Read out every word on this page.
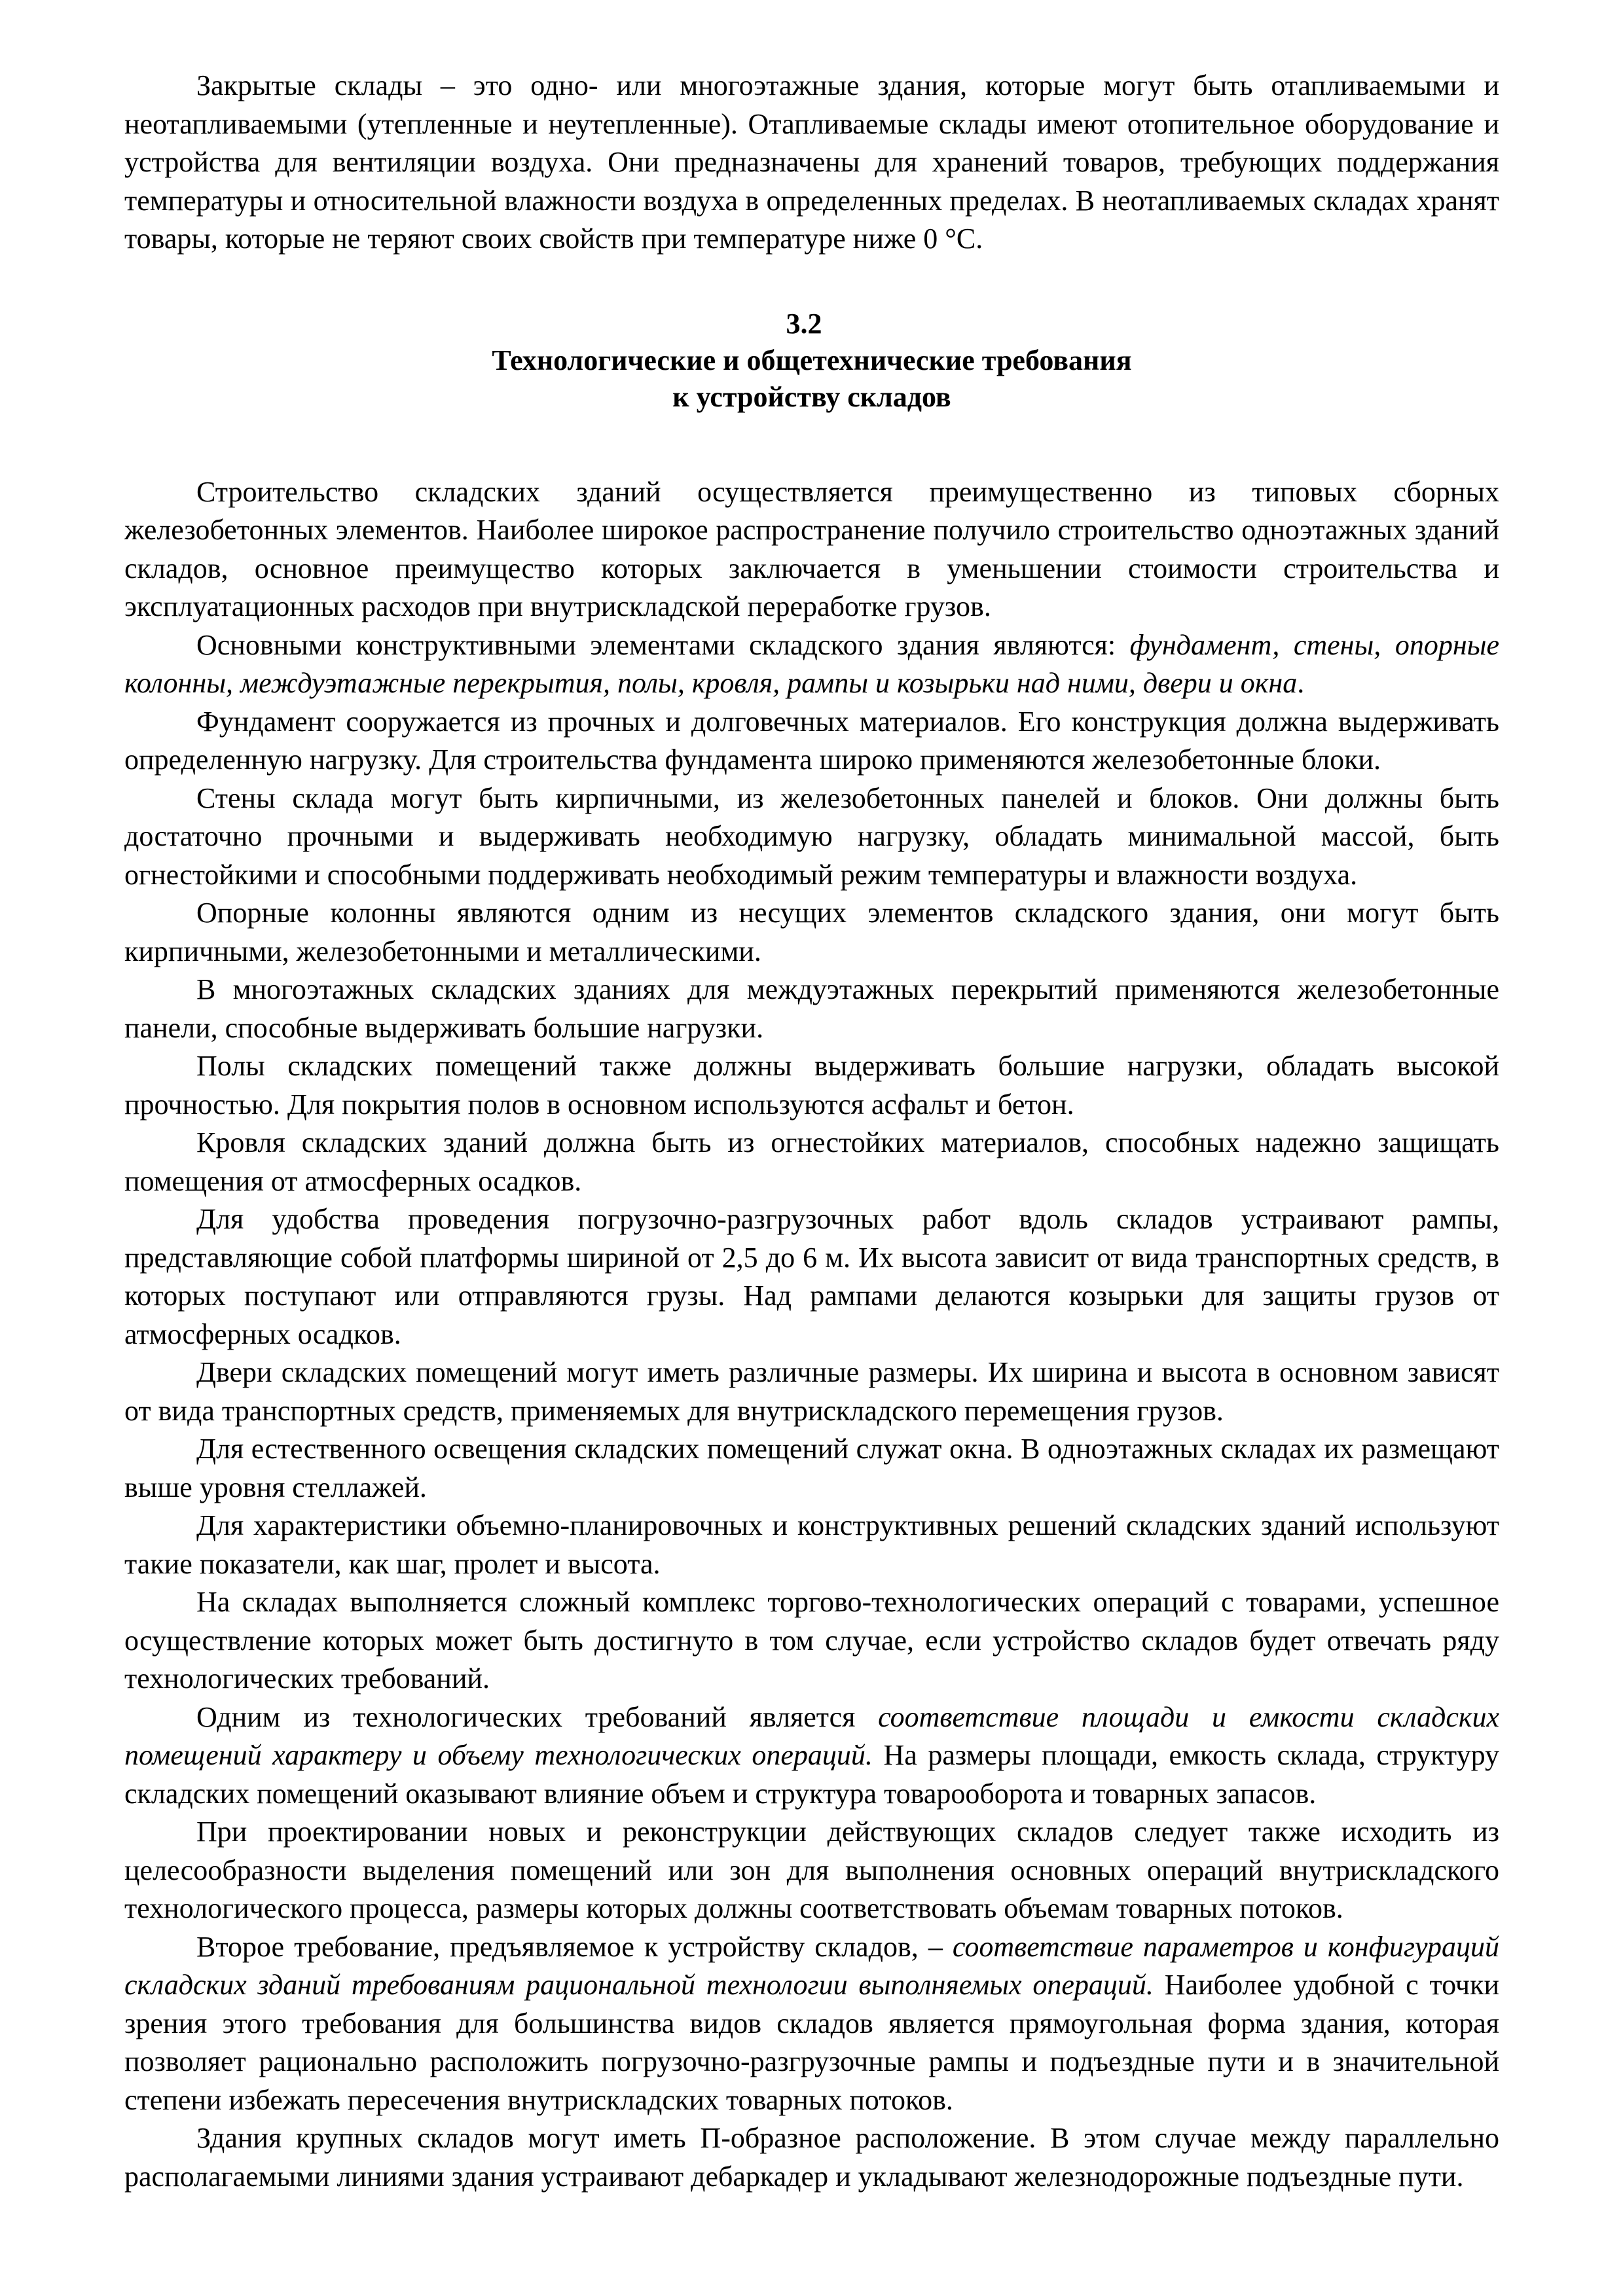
Закрытые склады – это одно- или многоэтажные здания, которые могут быть отапливаемыми и неотапливаемыми (утепленные и неутепленные). Отапливаемые склады имеют отопительное оборудование и устройства для вентиляции воздуха. Они предназначены для хранений товаров, требующих поддержания температуры и относительной влажности воздуха в определенных пределах. В неотапливаемых складах хранят товары, которые не теряют своих свойств при температуре ниже 0 °С.

3.2
Технологические и общетехнические требования
к устройству складов

Строительство складских зданий осуществляется преимущественно из типовых сборных железобетонных элементов. Наиболее широкое распространение получило строительство одноэтажных зданий складов, основное преимущество которых заключается в уменьшении стоимости строительства и эксплуатационных расходов при внутрискладской переработке грузов.

Основными конструктивными элементами складского здания являются: фундамент, стены, опорные колонны, междуэтажные перекрытия, полы, кровля, рампы и козырьки над ними, двери и окна.

Фундамент сооружается из прочных и долговечных материалов. Его конструкция должна выдерживать определенную нагрузку. Для строительства фундамента широко применяются железобетонные блоки.

Стены склада могут быть кирпичными, из железобетонных панелей и блоков. Они должны быть достаточно прочными и выдерживать необходимую нагрузку, обладать минимальной массой, быть огнестойкими и способными поддерживать необходимый режим температуры и влажности воздуха.

Опорные колонны являются одним из несущих элементов складского здания, они могут быть кирпичными, железобетонными и металлическими.

В многоэтажных складских зданиях для междуэтажных перекрытий применяются железобетонные панели, способные выдерживать большие нагрузки.

Полы складских помещений также должны выдерживать большие нагрузки, обладать высокой прочностью. Для покрытия полов в основном используются асфальт и бетон.

Кровля складских зданий должна быть из огнестойких материалов, способных надежно защищать помещения от атмосферных осадков.

Для удобства проведения погрузочно-разгрузочных работ вдоль складов устраивают рампы, представляющие собой платформы шириной от 2,5 до 6 м. Их высота зависит от вида транспортных средств, в которых поступают или отправляются грузы. Над рампами делаются козырьки для защиты грузов от атмосферных осадков.

Двери складских помещений могут иметь различные размеры. Их ширина и высота в основном зависят от вида транспортных средств, применяемых для внутрискладского перемещения грузов.

Для естественного освещения складских помещений служат окна. В одноэтажных складах их размещают выше уровня стеллажей.

Для характеристики объемно-планировочных и конструктивных решений складских зданий используют такие показатели, как шаг, пролет и высота.

На складах выполняется сложный комплекс торгово-технологических операций с товарами, успешное осуществление которых может быть достигнуто в том случае, если устройство складов будет отвечать ряду технологических требований.

Одним из технологических требований является соответствие площади и емкости складских помещений характеру и объему технологических операций. На размеры площади, емкость склада, структуру складских помещений оказывают влияние объем и структура товарооборота и товарных запасов.

При проектировании новых и реконструкции действующих складов следует также исходить из целесообразности выделения помещений или зон для выполнения основных операций внутрискладского технологического процесса, размеры которых должны соответствовать объемам товарных потоков.

Второе требование, предъявляемое к устройству складов, – соответствие параметров и конфигураций складских зданий требованиям рациональной технологии выполняемых операций. Наиболее удобной с точки зрения этого требования для большинства видов складов является прямоугольная форма здания, которая позволяет рационально расположить погрузочно-разгрузочные рампы и подъездные пути и в значительной степени избежать пересечения внутрискладских товарных потоков.

Здания крупных складов могут иметь П-образное расположение. В этом случае между параллельно располагаемыми линиями здания устраивают дебаркадер и укладывают железнодорожные подъездные пути.
